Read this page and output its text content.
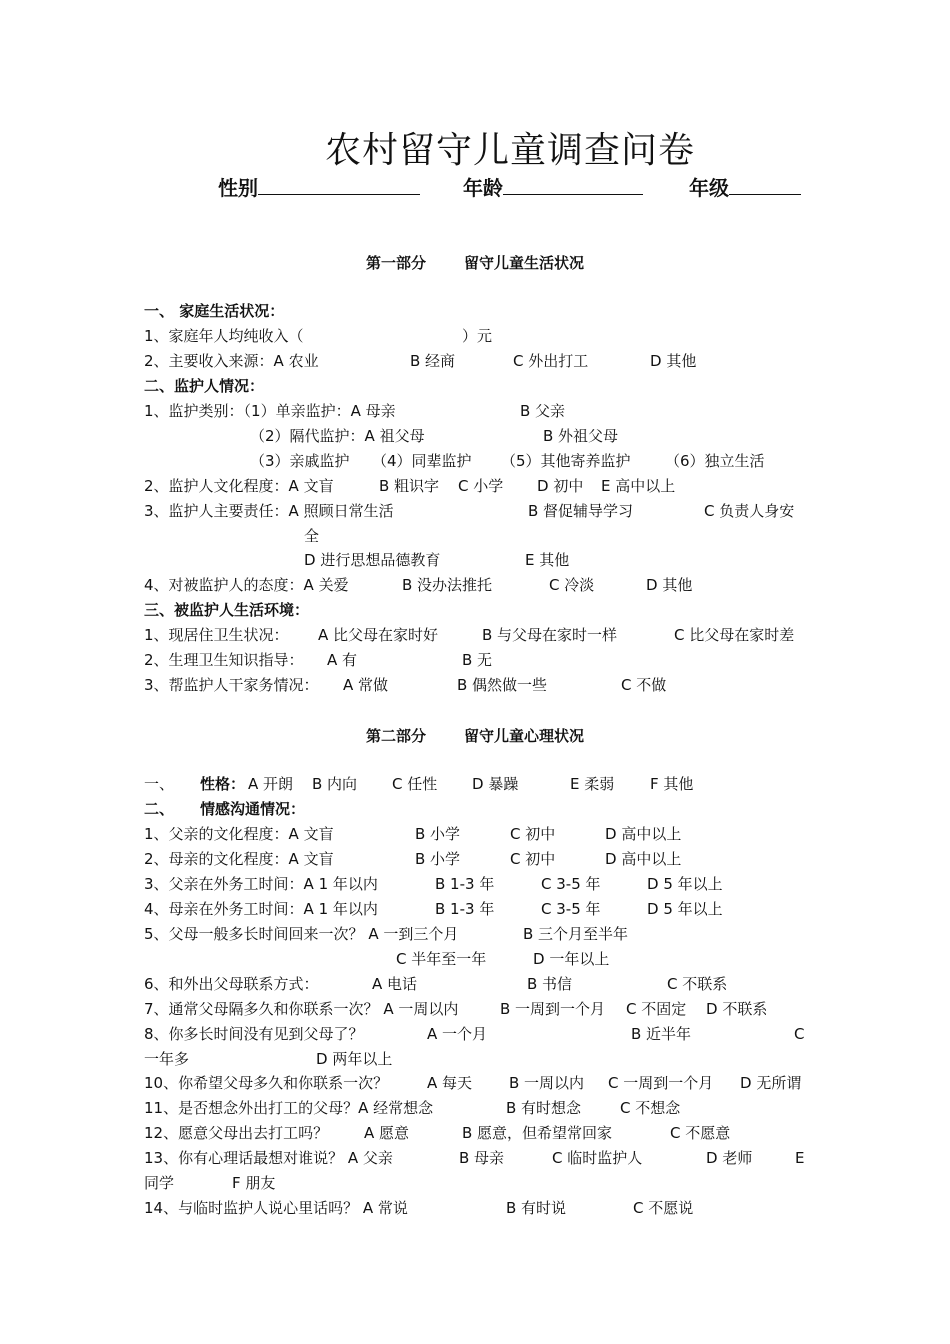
农村留守儿童调查问卷
性别	年龄	年级
第一部分	留守儿童生活状况
一、 家庭生活状况：
1、家庭年人均纯收入（	）元
2、主要收入来源：A 农业	B 经商	C 外出打工	D 其他
二、监护人情况：
1、监护类别：（1）单亲监护：A 母亲	B 父亲
（2）隔代监护：A 祖父母	B 外祖父母
（3）亲戚监护 （4）同辈监护 （5）其他寄养监护 （6）独立生活
2、监护人文化程度：A 文盲	B 粗识字 C 小学 D 初中 E 高中以上
3、监护人主要责任：A 照顾日常生活	B 督促辅导学习	C 负责人身安
全
D 进行思想品德教育	E 其他
4、对被监护人的态度：A 关爱	B 没办法推托	C 冷淡	D 其他
三、被监护人生活环境：
1、现居住卫生状况： A 比父母在家时好	B 与父母在家时一样	C 比父母在家时差
2、生理卫生知识指导： A 有	B 无
3、帮监护人干家务情况： A 常做	B 偶然做一些	C 不做
第二部分	留守儿童心理状况
一、 性格： A 开朗 B 内向 C 任性 D 暴躁	E 柔弱 F 其他
二、 情感沟通情况：
1、父亲的文化程度：A 文盲	B 小学	C 初中	D 高中以上
2、母亲的文化程度：A 文盲	B 小学	C 初中	D 高中以上
3、父亲在外务工时间：A 1 年以内	B 1-3 年	C 3-5 年	D 5 年以上
4、母亲在外务工时间：A 1 年以内	B 1-3 年	C 3-5 年	D 5 年以上
5、父母一般多长时间回来一次？ A 一到三个月	B 三个月至半年
C 半年至一年	D 一年以上
6、和外出父母联系方式：	A 电话	B 书信	C 不联系
7、通常父母隔多久和你联系一次？ A 一周以内	B 一周到一个月 C 不固定 D 不联系
8、你多长时间没有见到父母了？	A 一个月	B 近半年	C
一年多	D 两年以上
10、你希望父母多久和你联系一次？	A 每天 B 一周以内 C 一周到一个月 D 无所谓
11、是否想念外出打工的父母？A 经常想念	B 有时想念	C 不想念
12、愿意父母出去打工吗？ A 愿意	B 愿意，但希望常回家	C 不愿意
13、你有心理话最想对谁说？ A 父亲	B 母亲	C 临时监护人	D 老师	E
同学	F 朋友
14、与临时监护人说心里话吗？ A 常说	B 有时说	C 不愿说
